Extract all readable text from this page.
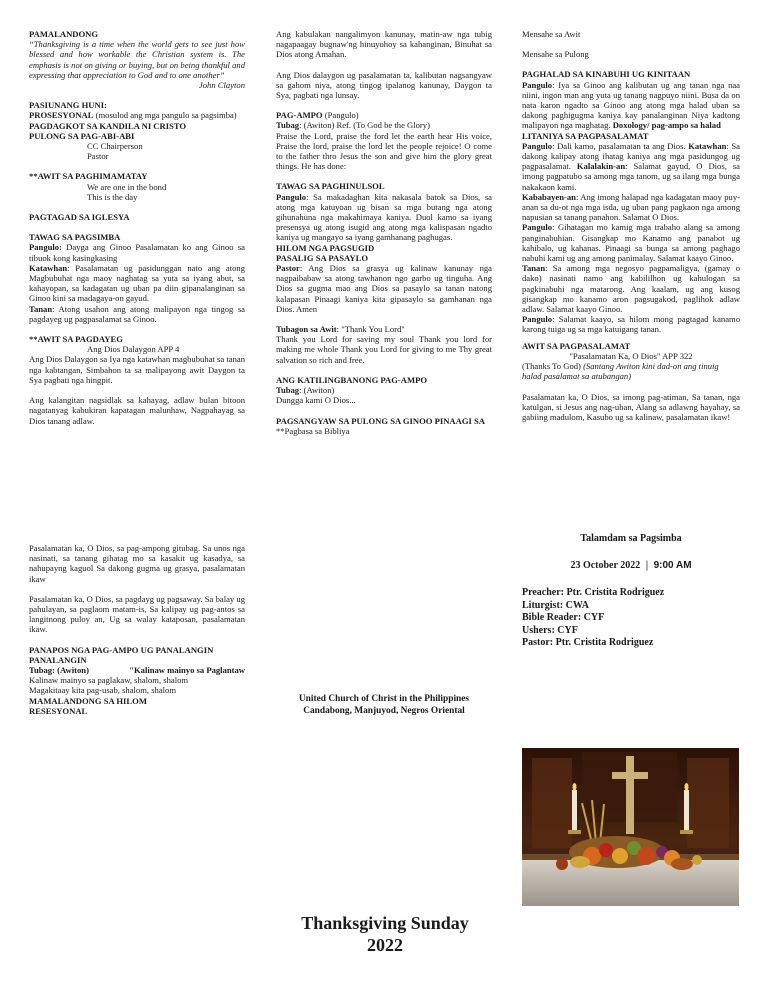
PAMALANDONG
“Thanksgiving is a time when the world gets to see just how blessed and how workable the Christian system is. The emphasis is not on giving or buying, but on being thankful and expressing that appreciation to God and to one another”
John Clayton
PASIUNANG HUNI:
PROSESYONAL (mosulod ang mga pangulo sa pagsimba)
PAGDAGKOT SA KANDILA NI CRISTO
PULONG SA PAG-ABI-ABI
CC Chairperson
Pastor
**AWIT SA PAGHIMAMATAY
We are one in the bond
This is the day
PAGTAGAD SA IGLESYA
TAWAG SA PAGSIMBA
Pangulo: Dayga ang Ginoo Pasalamatan ko ang Ginoo sa tibuok kong kasingkasing
Katawhan: Pasalamatan ug pasidunggan nato ang atong Magbubuhat nga maoy naghatag sa yuta sa iyang abut, sa kahayopan, sa kadagatan ug uban pa diin gipanalanginan sa Ginoo kini sa madagaya-on gayud.
Tanan: Atong usahon ang atong malipayon nga tingog sa pagdayeg ug pagpasalamat sa Ginoo.
**AWIT SA PAGDAYEG
Ang Dios Dalaygon APP 4
Ang Dios Dalaygon sa Iya nga katawhan magbubuhat sa tanan nga kabtangan, Simbahon ta sa malipayong awit Daygon ta Sya pagbati nga hingpit.
Ang kalangitan nagsidlak sa kahayag, adlaw bulan bitoon nagatanyag kabukiran kapatagan malunhaw, Nagpahayag sa Dios tanang adlaw.
Ang kabulakan nangalimyon kanunay, matin-aw nga tubig nagapaagay bugnaw'ng hinuyohoy sa kahanginan, Binuhat sa Dios atong Amahan.
Ang Dios dalaygon ug pasalamatan ta, kalibutan nagsangyaw sa gahom niya, atong tingog ipalanog kanunay, Daygon ta Sya, pagbati nga lunsay.
PAG-AMPO (Pangulo)
Tubag: (Awiton) Ref. (To God be the Glory)
Praise the Lord, praise the ford let the earth hear His voice, Praise the lord, praise the lord let the people rejoice! O come to the father thro Jesus the son and give him the glory great things. He has done:
TAWAG SA PAGHINULSOL
Pangulo: Sa makadaghan kita nakasala batok sa Dios, sa atong mga katuyoan ug bisan sa mga butang nga atong gihunahuna nga makahimaya kaniya. Duol kamo sa iyang presensya ug atong isugid ang atong mga kalispasan ngadto kaniya ug mangayo sa iyang gamhanang paghugas.
HILOM NGA PAGSUGID
PASALIG SA PASAYLO
Pastor: Ang Dios sa grasya ug kalinaw kanunay nga nagpaibabaw sa atong tawhanon ngo garbo ug tinguha. Ang Dios sa gugma mao ang Dios sa pasaylo sa tanan natong kalapasan Pinaagi kaniya kita gipasaylo sa gamhanan nga Dios. Amen
Tubagon sa Awit: "Thank You Lord"
Thank you Lord for saving my soul Thank you lord for making me whole Thank you Lord for giving to me Thy great salvation so rich and free.
ANG KATILINGBANONG PAG-AMPO
Tubag: (Awiton)
Dungga kami O Dios...
PAGSANGYAW SA PULONG SA GINOO PINAAGI SA
**Pagbasa sa Bibliya
Mensahe sa Awit
Mensahe sa Pulong
PAGHALAD SA KINABUHI UG KINITAAN
Pangulo: Iya sa Ginoo ang kalibutan ug ang tanan nga naa niini, ingon man ang yuta ug tanang nagpuyo niini. Busa da on nata karon ngadto sa Ginoo ang atong mga halad uban sa dakong paghigugma kaniya kay panalanginan Niya kadtong malipayon nga maghatag. Doxology/ pag-ampo sa halad
LITANIYA SA PAGPASALAMAT
Pangulo: Dali kamo, pasalamatan ta ang Dios. Katawhan: Sa dakong kalipay atong ihatag kaniya ang mga pasidungog ug pagpasalamat. Kalalakin-an: Salamat gayud, O Dios, sa imong pagpatubo sa among mga tanom, ug sa ilang mga bunga nakakaon kami.
Kababayen-an: Ang imong halapad nga kadagatan maoy puy-anan sa du-ot nga mga isda, ug uban pang pagkaon nga among napusian sa tanang panahon. Salamat O Dios.
Pangulo: Gihatagan mo kamig mga trabaho alang sa among panginabuhian. Gisangkap mo Kanamo ang panabot ug kahibalo, ug kahanas. Pinaagi sa bunga sa among paghago nabuhi kami ug ang among panimalay. Salamat kaayo Ginoo.
Tanan: Sa among mga negosyo pagpamaligya, (gamay o dako) nasinati namo ang kabililhon ug kahulogan sa pagkinabuhi nga matarong. Ang kaalam, ug ang kusog gisangkap mo kanamo aron pagsugakod, paglihok adlaw adlaw. Salamat kaayo Ginoo.
Pangulo: Salamat kaayo, sa hilom mong pagtagad kanamo karong tuiga ug sa mga katuigang tanan.
AWIT SA PAGPASALAMAT
"Pasalamatan Ka, O Dios" APP 322
(Thanks To God) (Santang Awiton kini dad-on ang tinuig halad pasalamat sa atubangan)
Pasalamatan ka, O Dios, sa imong pag-atiman, Sa tanan, nga katulgan, si Jesus ang nag-uban, Alang sa adlawng hayahay, sa gabiing madulom, Kasubo ug sa kalinaw, pasalamatan ikaw!
Pasalamatan ka, O Dios, sa pag-ampong gitubag. Sa unos nga nasinati, sa tanang gihatag mo sa kasakit ug kasadya, sa nahupayng kaguol Sa dakong gugma ug grasya, pasalamatan ikaw
Pasalamatan ka, O Dios, sa pagdayg ug pagsaway. Sa balay ug pahulayan, sa paglaom matam-is, Sa kalipay ug pag-antos sa langitnong puloy an, Ug sa walay kataposan, pasalamatan ikaw.
PANAPOS NGA PAG-AMPO UG PANALANGIN
PANALANGIN
Tubag: (Awiton)	"Kalinaw mainyo sa Paglantaw
Kalinaw mainyo sa paglakaw, shalom, shalom
Magakitaay kita pag-usab, shalom, shalom
MAMALANDONG SA HILOM
RESESYONAL
United Church of Christ in the Philippines
Candabong, Manjuyod, Negros Oriental
Talamdam sa Pagsimba
23 October 2022 | 9:00 AM
Preacher: Ptr. Cristita Rodriguez
Liturgist: CWA
Bible Reader: CYF
Ushers: CYF
Pastor: Ptr. Cristita Rodriguez
Thanksgiving Sunday
2022
